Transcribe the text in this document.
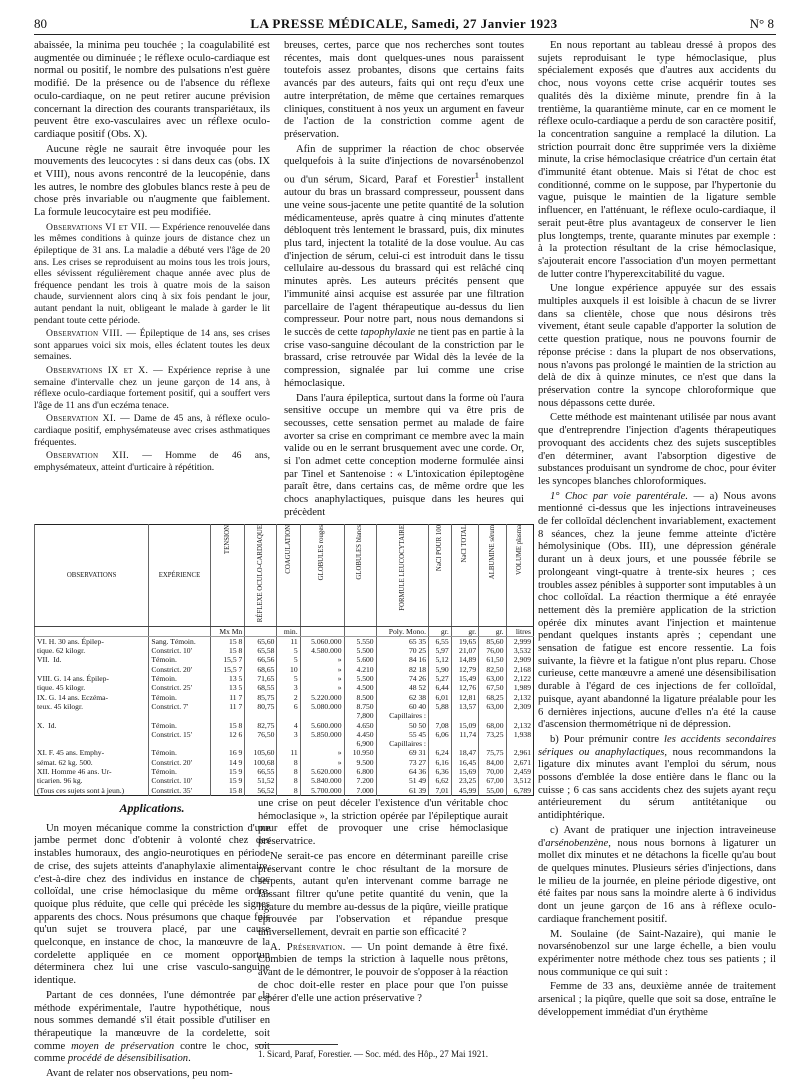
80	LA PRESSE MÉDICALE, Samedi, 27 Janvier 1923	N° 8

abaissée, la minima peu touchée ; la coagulabilité est augmentée ou diminuée ; le réflexe oculo-cardiaque est normal ou positif, le nombre des pulsations n'est guère modifié. De la présence ou de l'absence du réflexe oculo-cardiaque, on ne peut retirer aucune prévision concernant la direction des courants transpariétaux, ils peuvent être exo-vasculaires avec un réflexe oculo-cardiaque positif (Obs. X).

Aucune règle ne saurait être invoquée pour les mouvements des leucocytes : si dans deux cas (obs. IX et VIII), nous avons rencontré de la leucopénie, dans les autres, le nombre des globules blancs reste à peu de chose près invariable ou n'augmente que faiblement. La formule leucocytaire est peu modifiée.

Observations VI et VII. — Expérience renouvelée dans les mêmes conditions à quinze jours de distance chez un épileptique de 31 ans. La maladie a débuté vers l'âge de 20 ans. Les crises se reproduisent au moins tous les trois jours, elles sévissent régulièrement chaque année avec plus de fréquence pendant les trois à quatre mois de la saison chaude, surviennent alors cinq à six fois pendant le jour, autant pendant la nuit, obligeant le malade à garder le lit pendant toute cette période.

Observation VIII. — Épileptique de 14 ans, ses crises sont apparues voici six mois, elles éclatent toutes les deux semaines.

Observations IX et X. — Expérience reprise à une semaine d'intervalle chez un jeune garçon de 14 ans, à réflexe oculo-cardiaque fortement positif, qui a souffert vers l'âge de 11 ans d'un eczéma tenace.

Observation XI. — Dame de 45 ans, à réflexe oculo-cardiaque positif, emphysémateuse avec crises asthmatiques fréquentes.

Observation XII. — Homme de 46 ans, emphysémateux, atteint d'urticaire à répétition.

breuses, certes, parce que nos recherches sont toutes récentes, mais dont quelques-unes nous paraissent toutefois assez probantes, disons que certains faits avancés par des auteurs, faits qui ont reçu d'eux une autre interprétation, de même que certaines remarques cliniques, constituent à nos yeux un argument en faveur de l'action de la constriction comme agent de préservation.

Afin de supprimer la réaction de choc observée quelquefois à la suite d'injections de novarsénobenzol ou d'un sérum, Sicard, Paraf et Forestier$^1$ installent autour du bras un brassard compresseur, poussent dans une veine sous-jacente une petite quantité de la solution médicamenteuse, après quatre à cinq minutes d'attente débloquent très lentement le brassard, puis, dix minutes plus tard, injectent la totalité de la dose voulue. Au cas d'injection de sérum, celui-ci est introduit dans le tissu cellulaire au-dessous du brassard qui est relâché cinq minutes après. Les auteurs précités pensent que l'immunité ainsi acquise est assurée par une filtration parcellaire de l'agent thérapeutique au-dessus du lien compresseur. Pour notre part, nous nous demandons si le succès de cette tapophylaxie ne tient pas en partie à la crise vaso-sanguine découlant de la constriction par le brassard, crise retrouvée par Widal dès la levée de la compression, signalée par lui comme une crise hémoclasique.

Dans l'aura épileptica, surtout dans la forme où l'aura sensitive occupe un membre qui va être pris de secousses, cette sensation permet au malade de faire avorter sa crise en comprimant ce membre avec la main valide ou en le serrant brusquement avec une corde. Or, si l'on admet cette conception moderne formulée ainsi par Tinel et Santenoise : « L'intoxication épileptogène paraît être, dans certains cas, de même ordre que les chocs anaphylactiques, puisque dans les heures qui précèdent

OBSERVATIONS	EXPÉRIENCE	TENSION	RÉFLEXE OCULO-CARDIAQUE	COAGULATION	GLOBULES rouges	GLOBULES blancs	FORMULE LEUCOCYTAIRE	NaCl POUR 100	NaCl TOTAL	ALBUMINE sérum	VOLUME plasma
		Mx Mn		min.			Poly. Mono.	gr.	gr.	gr.	litres
VI. H. 30 ans. Épilep-	Sang. Témoin.	15 8	65,60	11	5.060.000	5.550	65 35	6,55	19,65	85,60	2,999
tique. 62 kilogr.	Constrict. 10'	15 8	65,58	5	4.580.000	5.500	70 25	5,97	21,07	76,00	3,532
VII.  Id.	Témoin.	15,5 7	66,56	5	»	5.600	84 16	5,12	14,89	61,50	2,909
	Constrict. 20'	15,5 7	68,65	10	»	4.210	82 18	5,90	12,79	82,50	2,168
VIII. G. 14 ans. Épilep-	Témoin.	13 5	71,65	5	»	5.500	74 26	5,27	15,49	63,00	2,122
tique. 45 kilogr.	Constrict. 25'	13 5	68,55	3	»	4.500	48 52	6,44	12,76	67,50	1,989
IX. G. 14 ans. Eczéma-	Témoin.	11 7	85,75	2	5.220.000	8.500	62 38	6,01	12,81	68,25	2,132
teux. 45 kilogr.	Constrict. 7'	11 7	80,75	6	5.080.000	8.750	60 40	5,88	13,57	63,00	2,309
						7,800	Capillaires :				
X.  Id.	Témoin.	15 8	82,75	4	5.600.000	4.650	50 50	7,08	15,09	68,00	2,132
	Constrict. 15'	12 6	76,50	3	5.850.000	4.450	55 45	6,06	11,74	73,25	1,938
						6,900	Capillaires :				
XI. F. 45 ans. Emphy-	Témoin.	16 9	105,60	11	»	10.950	69 31	6,24	18,47	75,75	2,961
sémat. 62 kg. 500.	Constrict. 20'	14 9	100,68	8	»	9.500	73 27	6,16	16,45	84,00	2,671
XII. Homme 46 ans. Ur-	Témoin.	15 9	66,55	8	5.620.000	6.800	64 36	6,36	15,69	70,00	2,459
ticarien. 96 kg.	Constrict. 10'	15 9	51,52	8	5.840.000	7.200	51 49	6,62	23,25	67,00	3,512
(Tous ces sujets sont à jeun.)	Constrict. 35'	15 8	56,52	8	5.700.000	7.000	61 39	7,01	45,99	55,00	6,789
Applications.

Un moyen mécanique comme la constriction d'une jambe permet donc d'obtenir à volonté chez des instables humoraux, des angio-neurotiques en période de crise, des sujets atteints d'anaphylaxie alimentaire, c'est-à-dire chez des individus en instance de choc colloïdal, une crise hémoclasique du même ordre, quoique plus réduite, que celle qui précède les signes apparents des chocs. Nous présumons que chaque fois qu'un sujet se trouvera placé, par une cause quelconque, en instance de choc, la manœuvre de la cordelette appliquée en ce moment opportun déterminera chez lui une crise vasculo-sanguine identique.

Partant de ces données, l'une démontrée par la méthode expérimentale, l'autre hypothétique, nous nous sommes demandé s'il était possible d'utiliser en thérapeutique la manœuvre de la cordelette, soit comme moyen de préservation contre le choc, soit comme procédé de désensibilisation.

Avant de relater nos observations, peu nom-

une crise on peut déceler l'existence d'un véritable choc hémoclasique », la striction opérée par l'épileptique aurait pour effet de provoquer une crise hémoclasique préservatrice.

Ne serait-ce pas encore en déterminant pareille crise préservant contre le choc résultant de la morsure de serpents, autant qu'en intervenant comme barrage ne laissant filtrer qu'une petite quantité du venin, que la ligature du membre au-dessus de la piqûre, vieille pratique éprouvée par l'observation et répandue presque universellement, devrait en partie son efficacité ?

A. Préservation. — Un point demande à être fixé. Combien de temps la striction à laquelle nous prêtons, avant de le démontrer, le pouvoir de s'opposer à la réaction de choc doit-elle rester en place pour que l'on puisse espérer d'elle une action préservative ?

1. Sicard, Paraf, Forestier. — Soc. méd. des Hôp., 27 Mai 1921.

En nous reportant au tableau dressé à propos des sujets reproduisant le type hémoclasique, plus spécialement exposés que d'autres aux accidents du choc, nous voyons cette crise acquérir toutes ses qualités dès la dixième minute, prendre fin à la trentième, la quarantième minute, car en ce moment le réflexe oculo-cardiaque a perdu de son caractère positif, la concentration sanguine a remplacé la dilution. La striction pourrait donc être supprimée vers la dixième minute, la crise hémoclasique créatrice d'un certain état d'immunité étant obtenue. Mais si l'état de choc est conditionné, comme on le suppose, par l'hypertonie du vague, puisque le maintien de la ligature semble influencer, en l'atténuant, le réflexe oculo-cardiaque, il serait peut-être plus avantageux de conserver le lien plus longtemps, trente, quarante minutes par exemple : à la protection résultant de la crise hémoclasique, s'ajouterait encore l'association d'un moyen permettant de lutter contre l'hyperexcitabilité du vague.

Une longue expérience appuyée sur des essais multiples auxquels il est loisible à chacun de se livrer dans sa clientèle, chose que nous désirons très vivement, étant seule capable d'apporter la solution de cette question pratique, nous ne pouvons fournir de réponse précise : dans la plupart de nos observations, nous n'avons pas prolongé le maintien de la striction au delà de dix à quinze minutes, ce n'est que dans la préservation contre la syncope chloroformique que nous dépassons cette durée.

Cette méthode est maintenant utilisée par nous avant que d'entreprendre l'injection d'agents thérapeutiques provoquant des accidents chez des sujets susceptibles d'en déterminer, avant l'absorption digestive de substances produisant un syndrome de choc, pour éviter les syncopes blanches chloroformiques.

1° Choc par voie parentérale. — a) Nous avons mentionné ci-dessus que les injections intraveineuses de fer colloïdal déclenchent invariablement, exactement 8 séances, chez la jeune femme atteinte d'ictère hémolysinique (Obs. III), une dépression générale durant un à deux jours, et une poussée fébrile se prolongeant vingt-quatre à trente-six heures ; ces troubles assez pénibles à supporter sont imputables à un choc colloïdal. La réaction thermique a été enrayée nettement dès la première application de la striction opérée dix minutes avant l'injection et maintenue pendant quelques instants après ; cependant une sensation de fatigue est encore ressentie. La fois suivante, la fièvre et la fatigue n'ont plus reparu. Chose curieuse, cette manœuvre a amené une désensibilisation durable à l'égard de ces injections de fer colloïdal, puisque, ayant abandonné la ligature préalable pour les 6 dernières injections, aucune d'elles n'a été la cause d'ascension thermométrique ni de dépression.

b) Pour prémunir contre les accidents secondaires sériques ou anaphylactiques, nous recommandons la ligature dix minutes avant l'emploi du sérum, nous possons d'emblée la dose entière dans le flanc ou la cuisse ; 6 cas sans accidents chez des sujets ayant reçu antérieurement du sérum antitétanique ou antidiphtérique.

c) Avant de pratiquer une injection intraveineuse d'arsénobenzène, nous nous bornons à ligaturer un mollet dix minutes et ne détachons la ficelle qu'au bout de quelques minutes. Plusieurs séries d'injections, dans le milieu de la journée, en pleine période digestive, ont été faites par nous sans la moindre alerte à 6 individus dont un jeune garçon de 16 ans à réflexe oculo-cardiaque franchement positif.

M. Soulaine (de Saint-Nazaire), qui manie le novarsénobenzol sur une large échelle, a bien voulu expérimenter notre méthode chez tous ses patients ; il nous communique ce qui suit :

Femme de 33 ans, deuxième année de traitement arsenical ; la piqûre, quelle que soit sa dose, entraîne le développement immédiat d'un érythème
